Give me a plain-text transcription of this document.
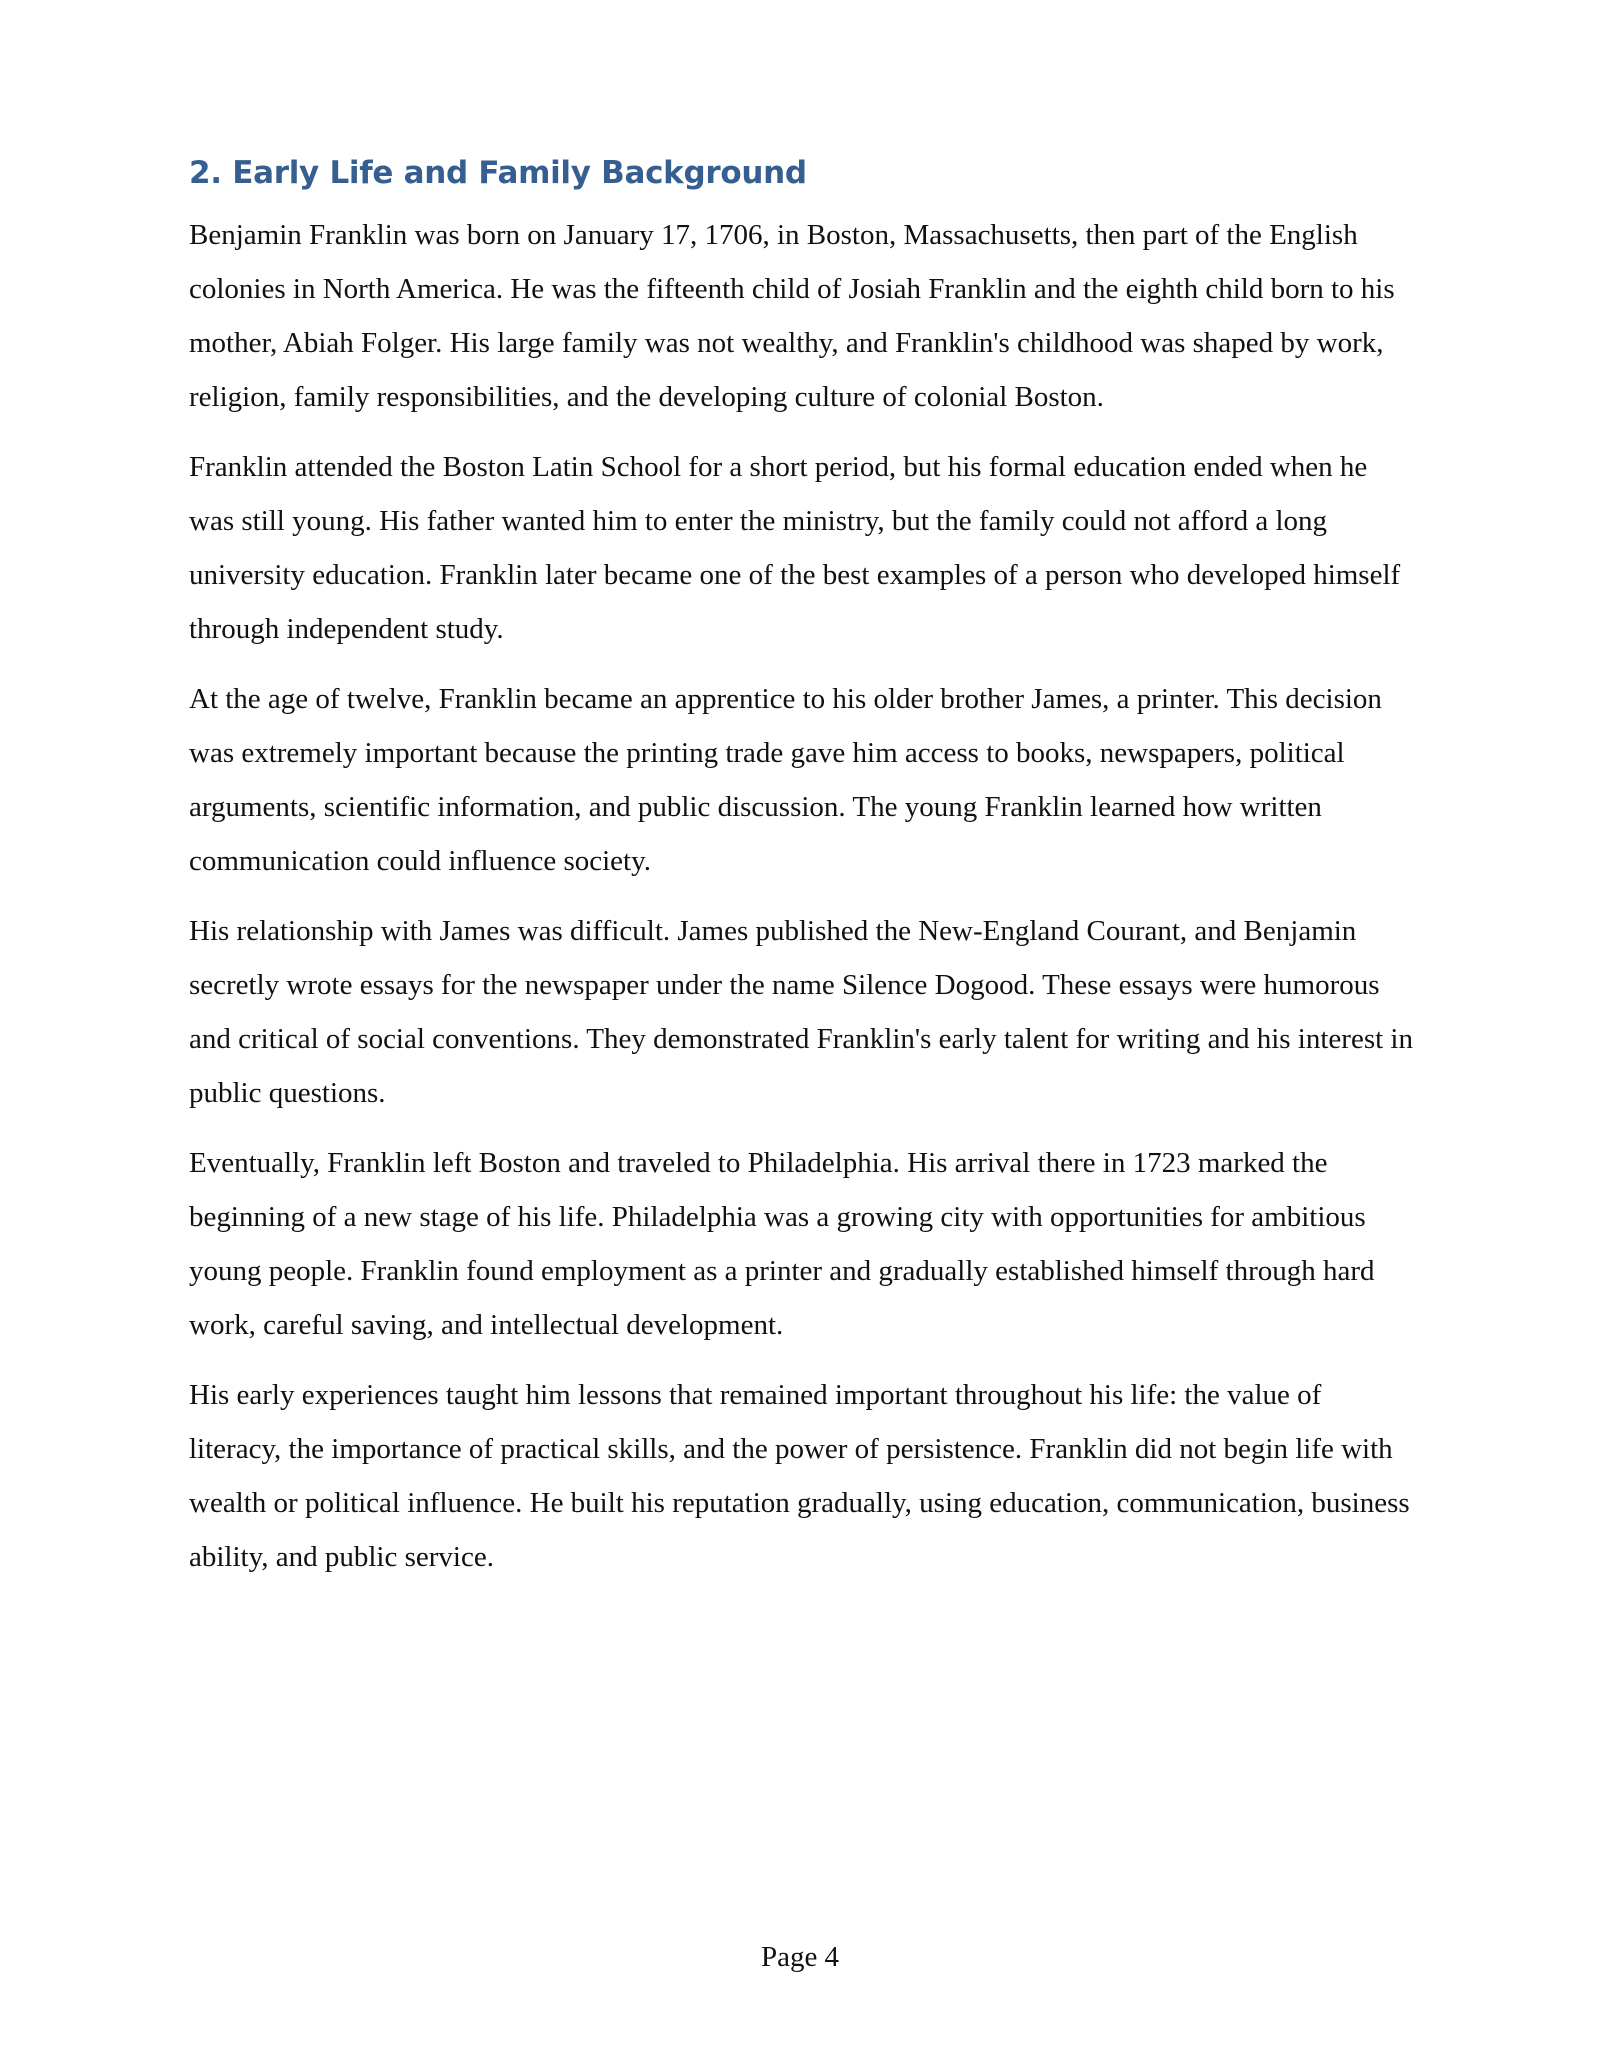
2. Early Life and Family Background

Benjamin Franklin was born on January 17, 1706, in Boston, Massachusetts, then part of the English colonies in North America. He was the fifteenth child of Josiah Franklin and the eighth child born to his mother, Abiah Folger. His large family was not wealthy, and Franklin's childhood was shaped by work, religion, family responsibilities, and the developing culture of colonial Boston.

Franklin attended the Boston Latin School for a short period, but his formal education ended when he was still young. His father wanted him to enter the ministry, but the family could not afford a long university education. Franklin later became one of the best examples of a person who developed himself through independent study.

At the age of twelve, Franklin became an apprentice to his older brother James, a printer. This decision was extremely important because the printing trade gave him access to books, newspapers, political arguments, scientific information, and public discussion. The young Franklin learned how written communication could influence society.

His relationship with James was difficult. James published the New-England Courant, and Benjamin secretly wrote essays for the newspaper under the name Silence Dogood. These essays were humorous and critical of social conventions. They demonstrated Franklin's early talent for writing and his interest in public questions.

Eventually, Franklin left Boston and traveled to Philadelphia. His arrival there in 1723 marked the beginning of a new stage of his life. Philadelphia was a growing city with opportunities for ambitious young people. Franklin found employment as a printer and gradually established himself through hard work, careful saving, and intellectual development.

His early experiences taught him lessons that remained important throughout his life: the value of literacy, the importance of practical skills, and the power of persistence. Franklin did not begin life with wealth or political influence. He built his reputation gradually, using education, communication, business ability, and public service.

Page 4
